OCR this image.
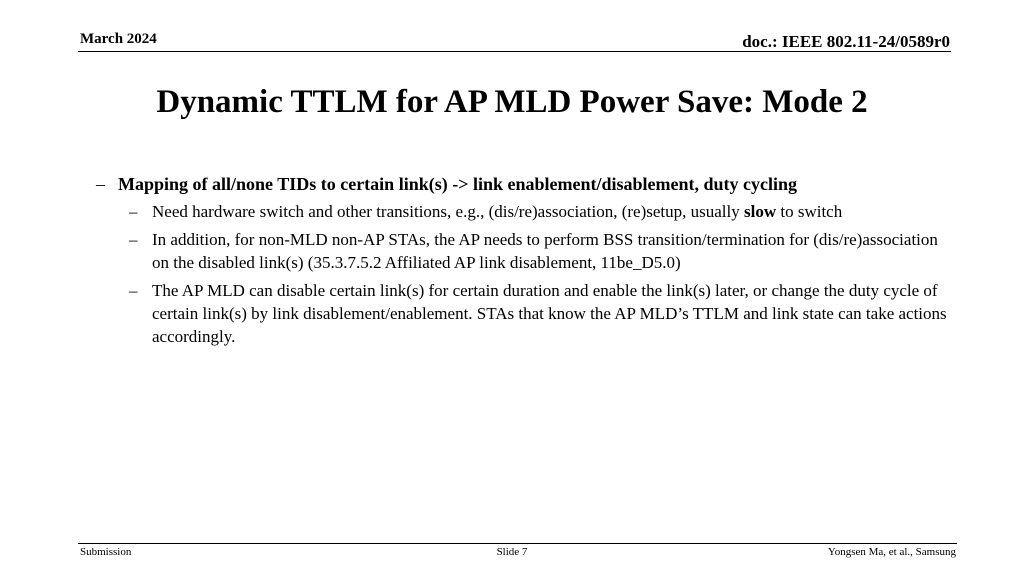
March 2024	doc.: IEEE 802.11-24/0589r0
Dynamic TTLM for AP MLD Power Save: Mode 2
– Mapping of all/none TIDs to certain link(s) -> link enablement/disablement, duty cycling
– Need hardware switch and other transitions, e.g., (dis/re)association, (re)setup, usually slow to switch
– In addition, for non-MLD non-AP STAs, the AP needs to perform BSS transition/termination for (dis/re)association on the disabled link(s) (35.3.7.5.2 Affiliated AP link disablement, 11be_D5.0)
– The AP MLD can disable certain link(s) for certain duration and enable the link(s) later, or change the duty cycle of certain link(s) by link disablement/enablement. STAs that know the AP MLD’s TTLM and link state can take actions accordingly.
Submission	Slide 7	Yongsen Ma, et al., Samsung
